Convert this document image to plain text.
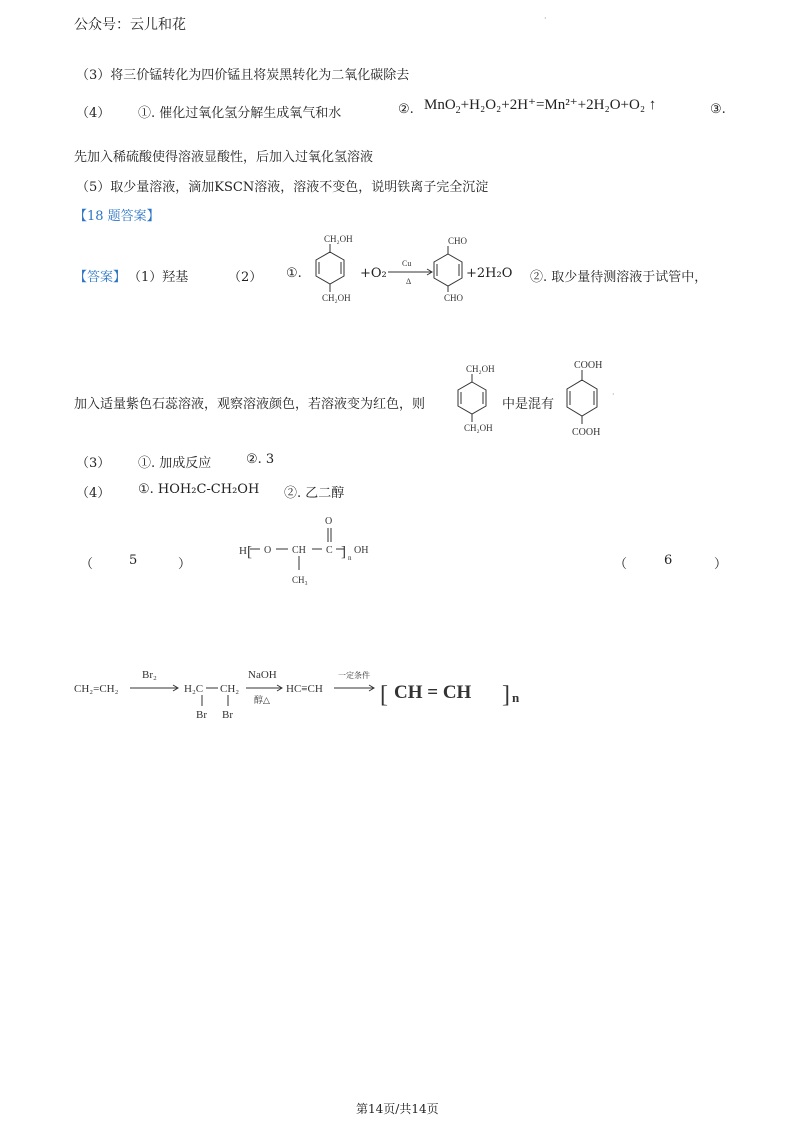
公众号：云儿和花	·
（3）将三价锰转化为四价锰且将炭黑转化为二氧化碳除去
（4） ①. 催化过氧化氢分解生成氧气和水	②. MnO$_2$+H₂O₂+2H⁺=Mn²⁺+2H₂O+O₂ ↑	③.
先加入稀硫酸使得溶液显酸性，后加入过氧化氢溶液
（5）取少量溶液，滴加KSCN溶液，溶液不变色，说明铁离子完全沉淀
【18 题答案】
【答案】 （1）羟基	（2） ①.
CH₂OH
CH₂OH
+O₂
Cu
Δ
CHO
CHO
+2H₂O ②. 取少量待测溶液于试管中，
加入适量紫色石蕊溶液，观察溶液颜色，若溶液变为红色，则
CH₂OH
CH₂OH
中是混有
COOH
COOH
·
（3） ①. 加成反应	②. 3
（4） ①. HOH₂C-CH₂OH ②. 乙二醇
（	5	）
H [ O CH C
O
] n
OH
CH₃
（	6	）
CH₂=CH₂
Br₂
H₂C CH₂
Br Br
NaOH
醇△
HC≡CH
一定条件
[ CH = CH ] n
第14页/共14页
